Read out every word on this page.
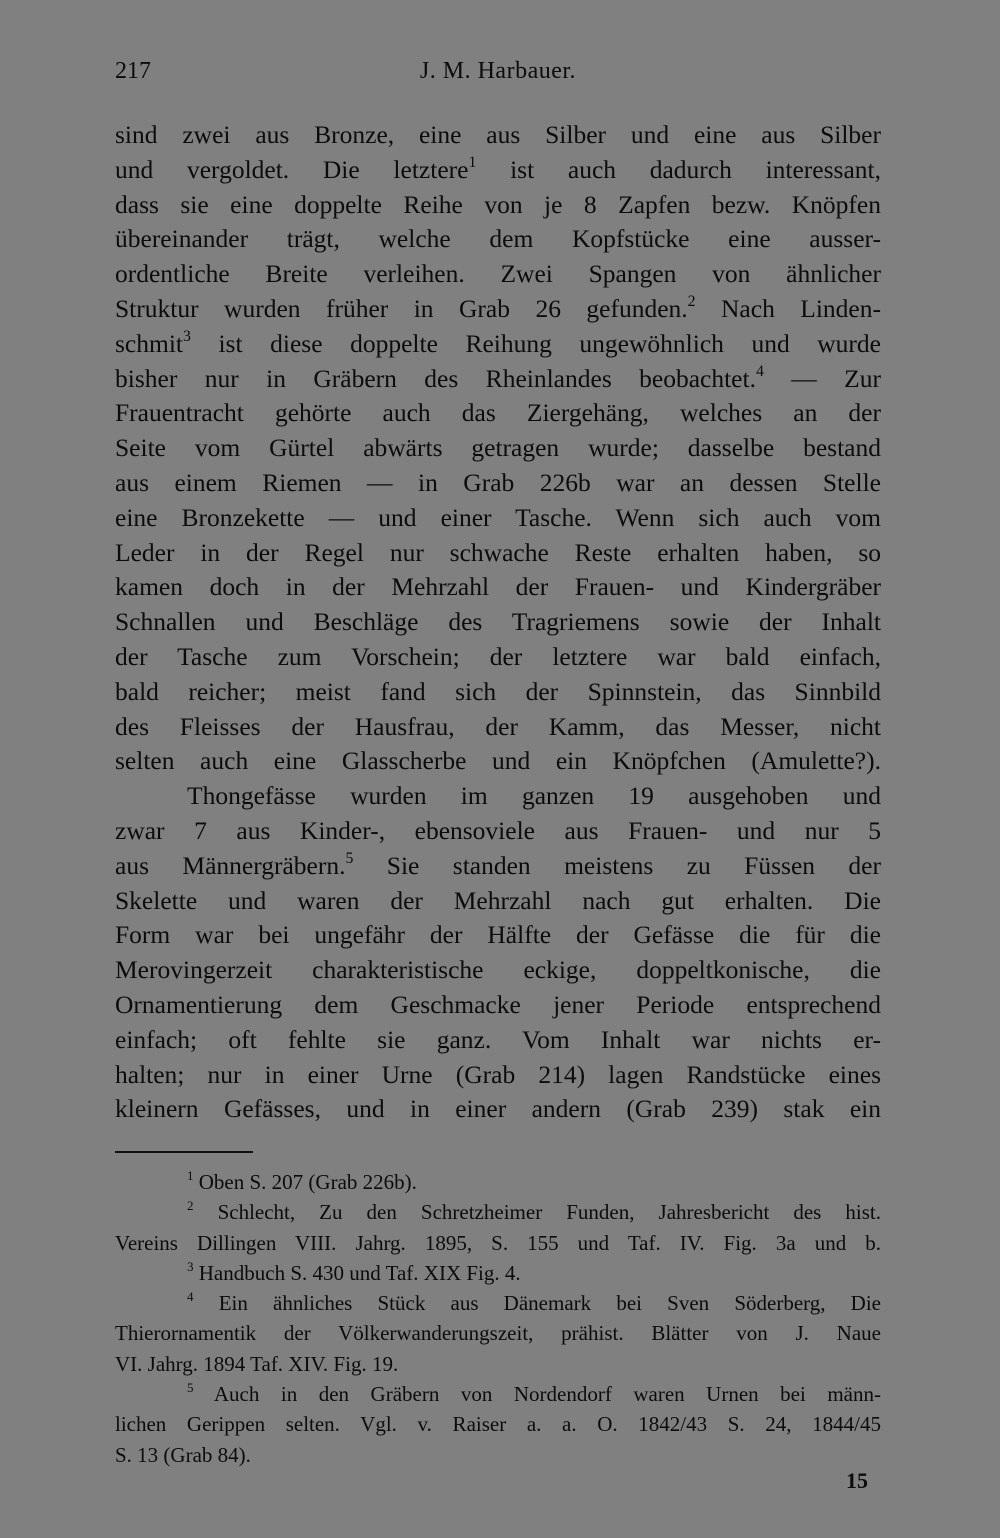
217	J. M. Harbauer.
sind zwei aus Bronze, eine aus Silber und eine aus Silber
und vergoldet. Die letztere$^1$ ist auch dadurch interessant,
dass sie eine doppelte Reihe von je 8 Zapfen bezw. Knöpfen
übereinander trägt, welche dem Kopfstücke eine ausser-
ordentliche Breite verleihen. Zwei Spangen von ähnlicher
Struktur wurden früher in Grab 26 gefunden.$^2$ Nach Linden-
schmit$^3$ ist diese doppelte Reihung ungewöhnlich und wurde
bisher nur in Gräbern des Rheinlandes beobachtet.$^4$ — Zur
Frauentracht gehörte auch das Ziergehäng, welches an der
Seite vom Gürtel abwärts getragen wurde; dasselbe bestand
aus einem Riemen — in Grab 226b war an dessen Stelle
eine Bronzekette — und einer Tasche. Wenn sich auch vom
Leder in der Regel nur schwache Reste erhalten haben, so
kamen doch in der Mehrzahl der Frauen- und Kindergräber
Schnallen und Beschläge des Tragriemens sowie der Inhalt
der Tasche zum Vorschein; der letztere war bald einfach,
bald reicher; meist fand sich der Spinnstein, das Sinnbild
des Fleisses der Hausfrau, der Kamm, das Messer, nicht
selten auch eine Glasscherbe und ein Knöpfchen (Amulette?).
Thongefässe wurden im ganzen 19 ausgehoben und
zwar 7 aus Kinder-, ebensoviele aus Frauen- und nur 5
aus Männergräbern.$^5$ Sie standen meistens zu Füssen der
Skelette und waren der Mehrzahl nach gut erhalten. Die
Form war bei ungefähr der Hälfte der Gefässe die für die
Merovingerzeit charakteristische eckige, doppeltkonische, die
Ornamentierung dem Geschmacke jener Periode entsprechend
einfach; oft fehlte sie ganz. Vom Inhalt war nichts er-
halten; nur in einer Urne (Grab 214) lagen Randstücke eines
kleinern Gefässes, und in einer andern (Grab 239) stak ein
$^1$ Oben S. 207 (Grab 226b).
$^2$ Schlecht, Zu den Schretzheimer Funden, Jahresbericht des hist.
Vereins Dillingen VIII. Jahrg. 1895, S. 155 und Taf. IV. Fig. 3a und b.
$^3$ Handbuch S. 430 und Taf. XIX Fig. 4.
$^4$ Ein ähnliches Stück aus Dänemark bei Sven Söderberg, Die
Thierornamentik der Völkerwanderungszeit, prähist. Blätter von J. Naue
VI. Jahrg. 1894 Taf. XIV. Fig. 19.
$^5$ Auch in den Gräbern von Nordendorf waren Urnen bei männ-
lichen Gerippen selten. Vgl. v. Raiser a. a. O. 1842/43 S. 24, 1844/45
S. 13 (Grab 84).
15
